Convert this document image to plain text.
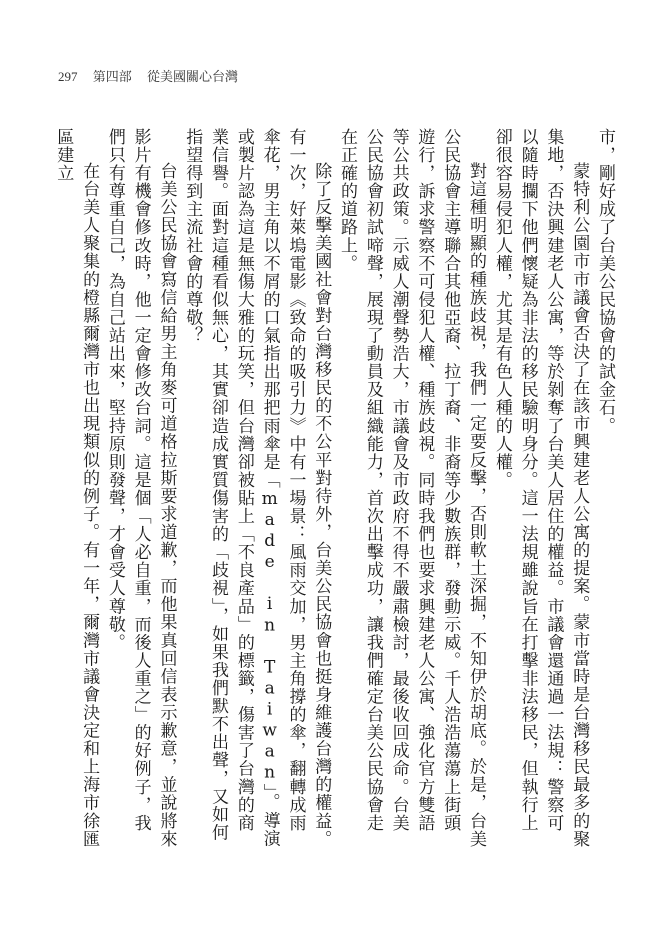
297 第四部 從美國關心台灣

市，剛好成了台美公民協會的試金石。

蒙特利公園市市議會否決了在該市興建老人公寓的提案。蒙市當時是台灣移民最多的聚集地，否決興建老人公寓，等於剝奪了台美人居住的權益。市議會還通過一法規：警察可以隨時攔下他們懷疑為非法的移民驗明身分。這一法規雖說旨在打擊非法移民，但執行上卻很容易侵犯人權，尤其是有色人種的人權。

對這種明顯的種族歧視，我們一定要反擊，否則軟土深掘，不知伊於胡底。於是，台美公民協會主導聯合其他亞裔、拉丁裔、非裔等少數族群，發動示威。千人浩浩蕩蕩上街頭遊行，訴求警察不可侵犯人權、種族歧視。同時我們也要求興建老人公寓、強化官方雙語等公共政策。示威人潮聲勢浩大，市議會及市政府不得不嚴肅檢討，最後收回成命。台美公民協會初試啼聲，展現了動員及組織能力，首次出擊成功，讓我們確定台美公民協會走在正確的道路上。

除了反擊美國社會對台灣移民的不公平對待外，台美公民協會也挺身維護台灣的權益。有一次，好萊塢電影《致命的吸引力》中有一場景：風雨交加，男主角撐的傘，翻轉成雨傘花，男主角以不屑的口氣指出那把雨傘是「made in Taiwan」。導演或製片認為這是無傷大雅的玩笑，但台灣卻被貼上「不良產品」的標籤，傷害了台灣的商業信譽。面對這種看似無心，其實卻造成實質傷害的「歧視」，如果我們默不出聲，又如何指望得到主流社會的尊敬？

台美公民協會寫信給男主角麥可道格拉斯要求道歉，而他果真回信表示歉意，並說將來影片有機會修改時，他一定會修改台詞。這是個「人必自重，而後人重之」的好例子，我們只有尊重自己，為自己站出來，堅持原則發聲，才會受人尊敬。

在台美人聚集的橙縣爾灣市也出現類似的例子。有一年，爾灣市議會決定和上海市徐匯區建立
